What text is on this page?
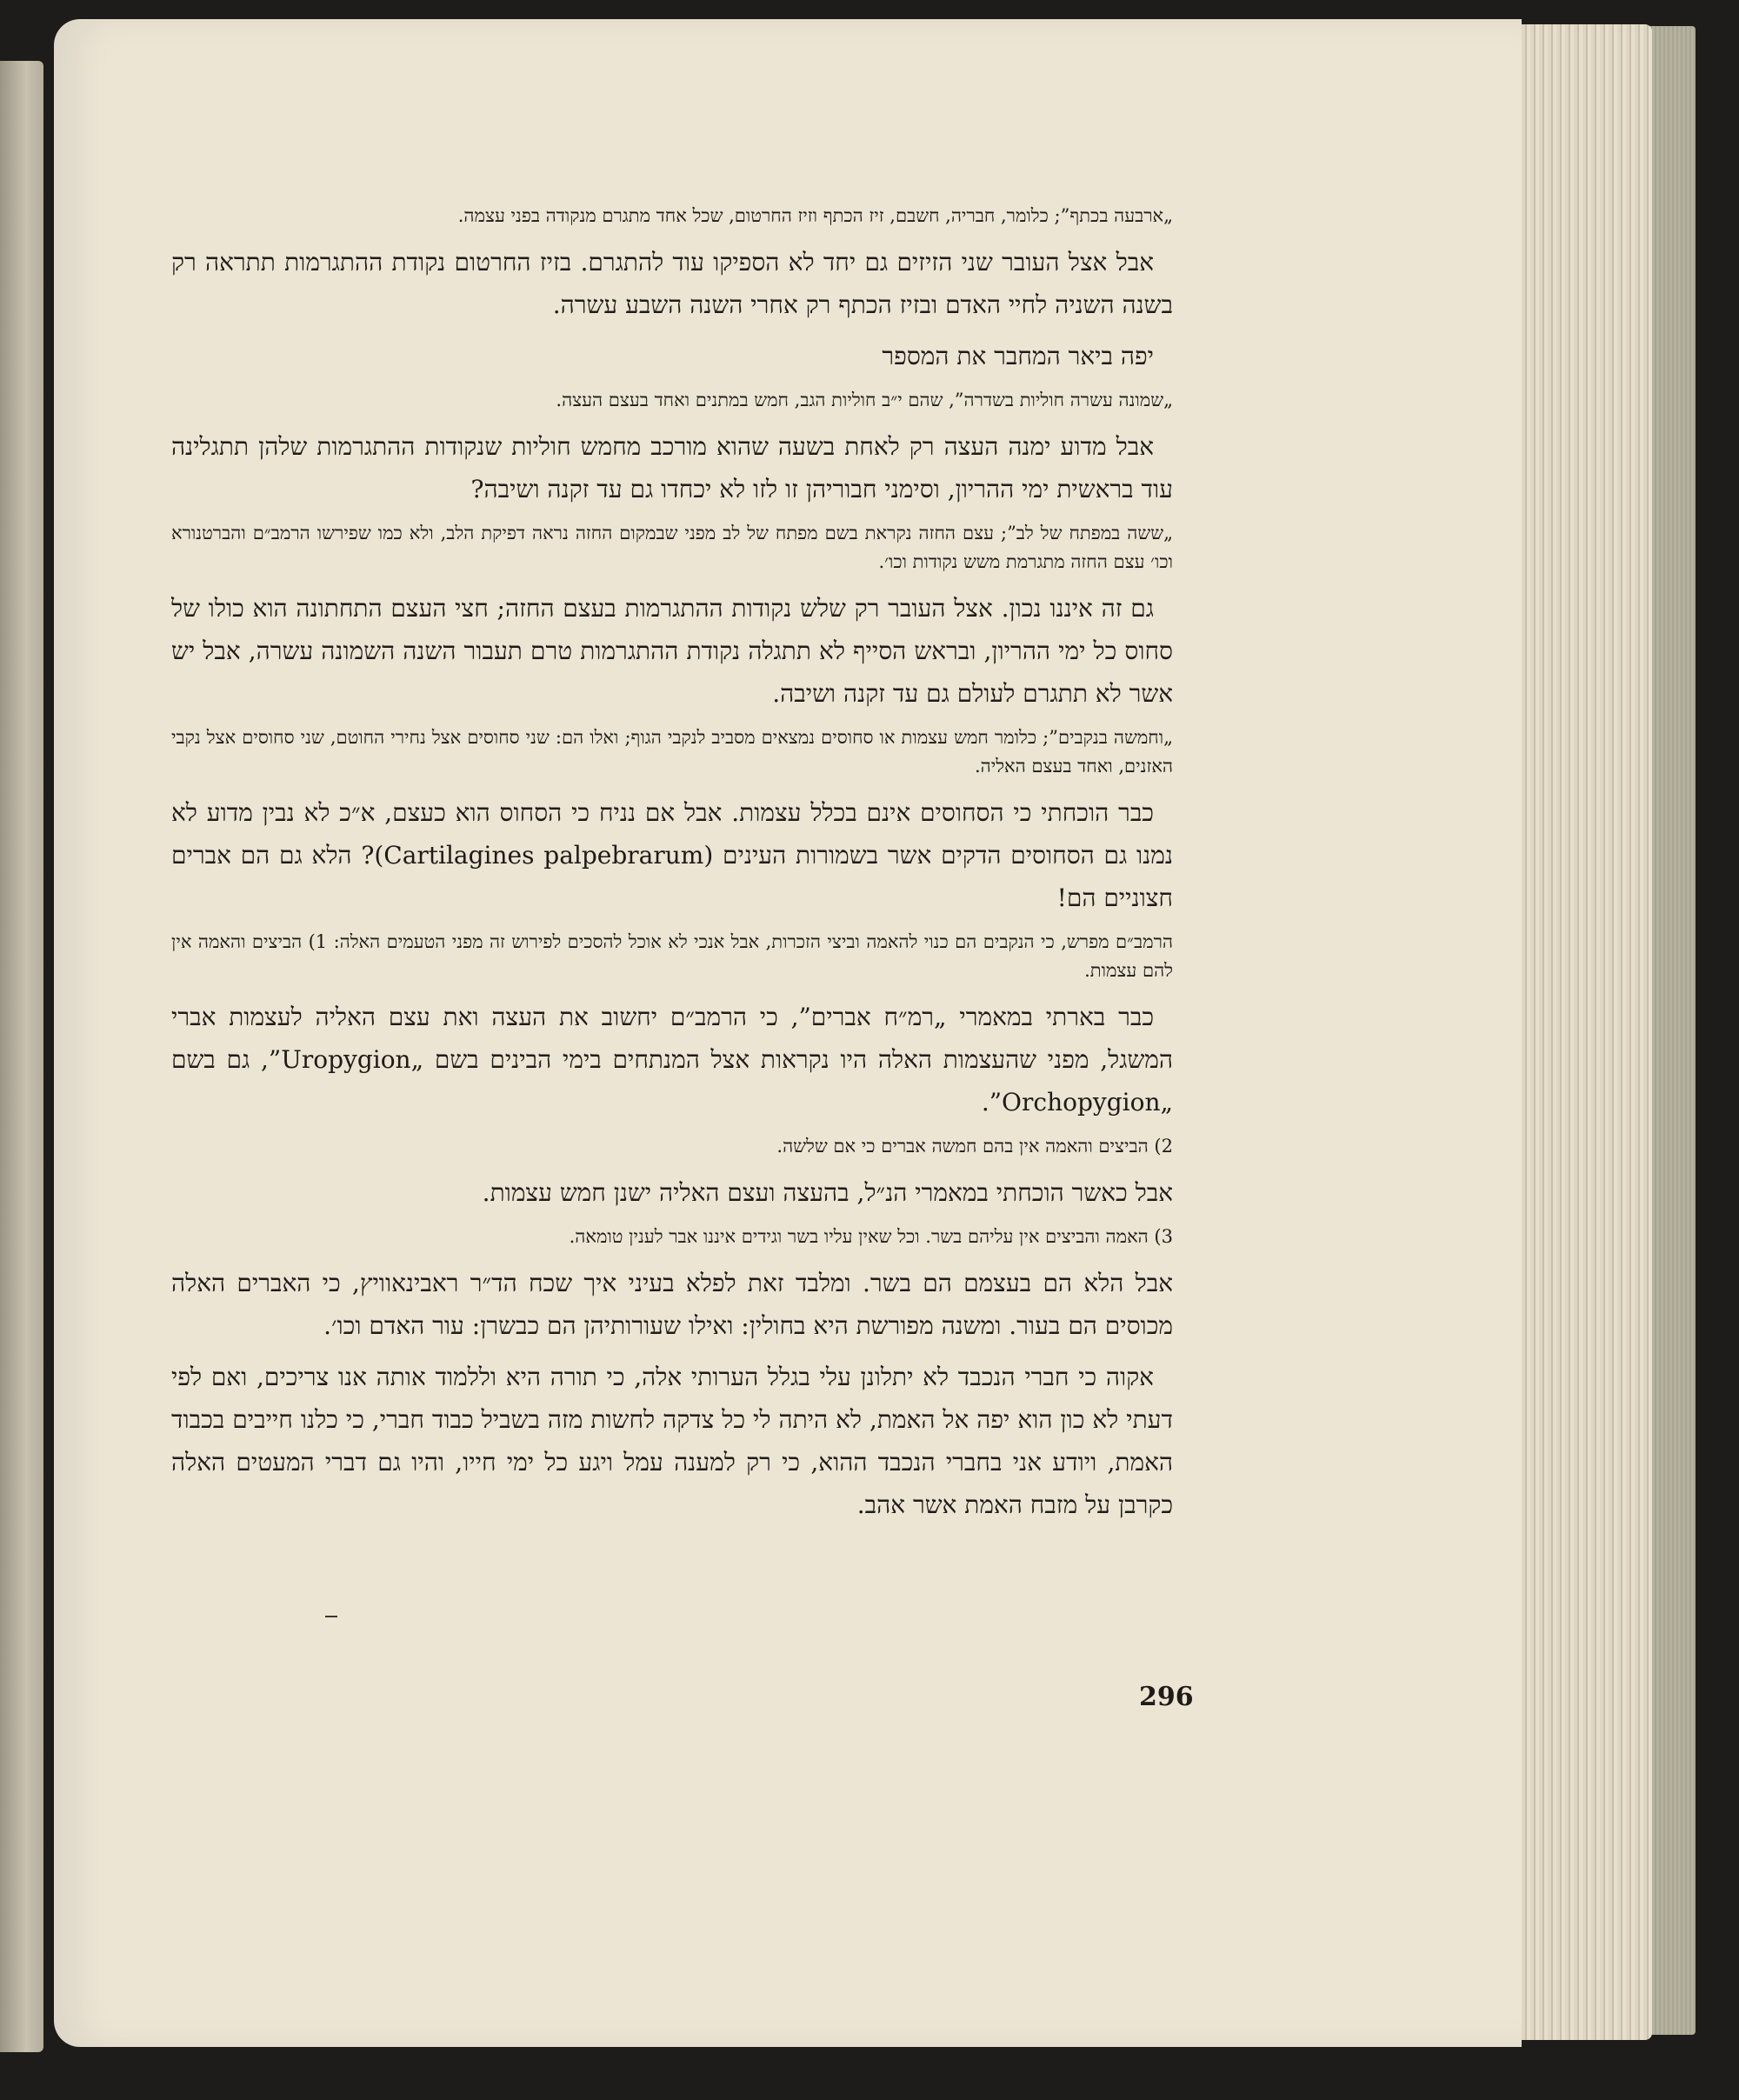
„ארבעה בכתף”; כלומר, חבריה, חשבם, זיז הכתף וזיז החרטום, שכל אחד מתגרם מנקודה בפני עצמה.

אבל אצל העובר שני הזיזים גם יחד לא הספיקו עוד להתגרם. בזיז החרטום נקודת ההתגרמות תתראה רק בשנה השניה לחיי האדם ובזיז הכתף רק אחרי השנה השבע עשרה.

יפה ביאר המחבר את המספר

„שמונה עשרה חוליות בשדרה”, שהם י״ב חוליות הגב, חמש במתנים ואחד בעצם העצה.

אבל מדוע ימנה העצה רק לאחת בשעה שהוא מורכב מחמש חוליות שנקודות ההתגרמות שלהן תתגלינה עוד בראשית ימי ההריון, וסימני חבוריהן זו לזו לא יכחדו גם עד זקנה ושיבה?

„ששה במפתח של לב”; עצם החזה נקראת בשם מפתח של לב מפני שבמקום החזה נראה דפיקת הלב, ולא כמו שפירשו הרמב״ם והברטנורא וכו׳ עצם החזה מתגרמת משש נקודות וכו׳.

גם זה איננו נכון. אצל העובר רק שלש נקודות ההתגרמות בעצם החזה; חצי העצם התחתונה הוא כולו של סחוס כל ימי ההריון, ובראש הסייף לא תתגלה נקודת ההתגרמות טרם תעבור השנה השמונה עשרה, אבל יש אשר לא תתגרם לעולם גם עד זקנה ושיבה.

„וחמשה בנקבים”; כלומר חמש עצמות או סחוסים נמצאים מסביב לנקבי הגוף; ואלו הם: שני סחוסים אצל נחירי החוטם, שני סחוסים אצל נקבי האזנים, ואחד בעצם האליה.

כבר הוכחתי כי הסחוסים אינם בכלל עצמות. אבל אם נניח כי הסחוס הוא כעצם, א״כ לא נבין מדוע לא נמנו גם הסחוסים הדקים אשר בשמורות העינים (Cartilagines palpebrarum)? הלא גם הם אברים חצוניים הם!

הרמב״ם מפרש, כי הנקבים הם כנוי להאמה וביצי הזכרות, אבל אנכי לא אוכל להסכים לפירוש זה מפני הטעמים האלה: 1) הביצים והאמה אין להם עצמות.

כבר בארתי במאמרי „רמ״ח אברים”, כי הרמב״ם יחשוב את העצה ואת עצם האליה לעצמות אברי המשגל, מפני שהעצמות האלה היו נקראות אצל המנתחים בימי הבינים בשם „Uropygion”, גם בשם „Orchopygion”.

2) הביצים והאמה אין בהם חמשה אברים כי אם שלשה.

אבל כאשר הוכחתי במאמרי הנ״ל, בהעצה ועצם האליה ישנן חמש עצמות.

3) האמה והביצים אין עליהם בשר. וכל שאין עליו בשר וגידים איננו אבר לענין טומאה.

אבל הלא הם בעצמם הם בשר. ומלבד זאת לפלא בעיני איך שכח הד״ר ראבינאוויץ, כי האברים האלה מכוסים הם בעור. ומשנה מפורשת היא בחולין: ואילו שעורותיהן הם כבשרן: עור האדם וכו׳.

אקוה כי חברי הנכבד לא יתלונן עלי בגלל הערותי אלה, כי תורה היא וללמוד אותה אנו צריכים, ואם לפי דעתי לא כון הוא יפה אל האמת, לא היתה לי כל צדקה לחשות מזה בשביל כבוד חברי, כי כלנו חייבים בכבוד האמת, ויודע אני בחברי הנכבד ההוא, כי רק למענה עמל ויגע כל ימי חייו, והיו גם דברי המעטים האלה כקרבן על מזבח האמת אשר אהב.

296
